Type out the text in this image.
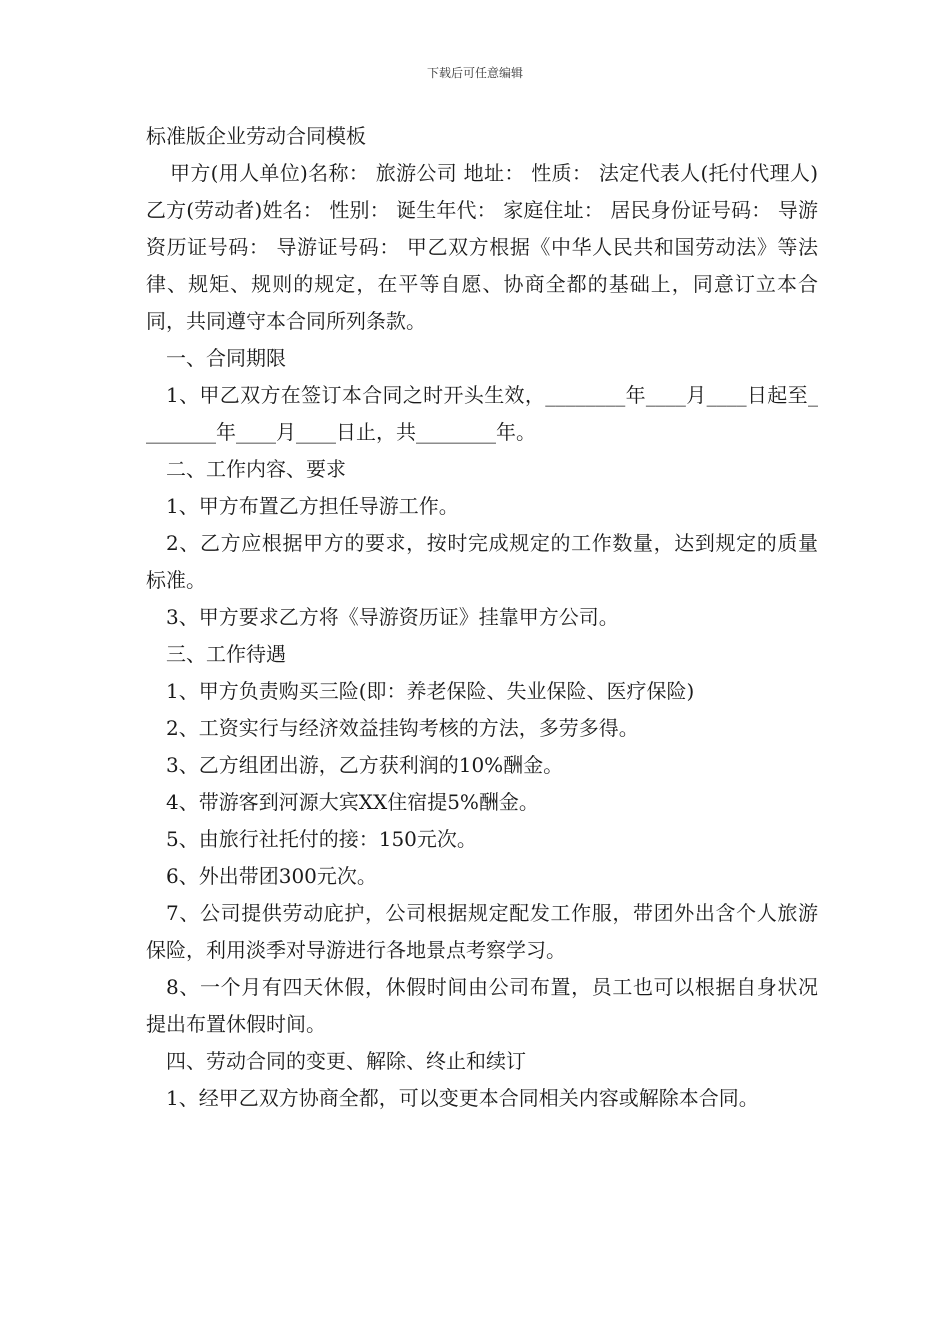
下载后可任意编辑
标准版企业劳动合同模板
甲方(用人单位)名称： 旅游公司 地址： 性质： 法定代表人(托付代理人) 乙方(劳动者)姓名： 性别： 诞生年代： 家庭住址： 居民身份证号码： 导游资历证号码： 导游证号码： 甲乙双方根据《中华人民共和国劳动法》等法律、规矩、规则的规定，在平等自愿、协商全都的基础上，同意订立本合同，共同遵守本合同所列条款。
一、合同期限
1、甲乙双方在签订本合同之时开头生效，________年____月____日起至________年____月____日止，共________年。
二、工作内容、要求
1、甲方布置乙方担任导游工作。
2、乙方应根据甲方的要求，按时完成规定的工作数量，达到规定的质量标准。
3、甲方要求乙方将《导游资历证》挂靠甲方公司。
三、工作待遇
1、甲方负责购买三险(即：养老保险、失业保险、医疗保险)
2、工资实行与经济效益挂钩考核的方法，多劳多得。
3、乙方组团出游，乙方获利润的10%酬金。
4、带游客到河源大宾XX住宿提5%酬金。
5、由旅行社托付的接：150元次。
6、外出带团300元次。
7、公司提供劳动庇护，公司根据规定配发工作服，带团外出含个人旅游保险，利用淡季对导游进行各地景点考察学习。
8、一个月有四天休假，休假时间由公司布置，员工也可以根据自身状况提出布置休假时间。
四、劳动合同的变更、解除、终止和续订
1、经甲乙双方协商全都，可以变更本合同相关内容或解除本合同。
